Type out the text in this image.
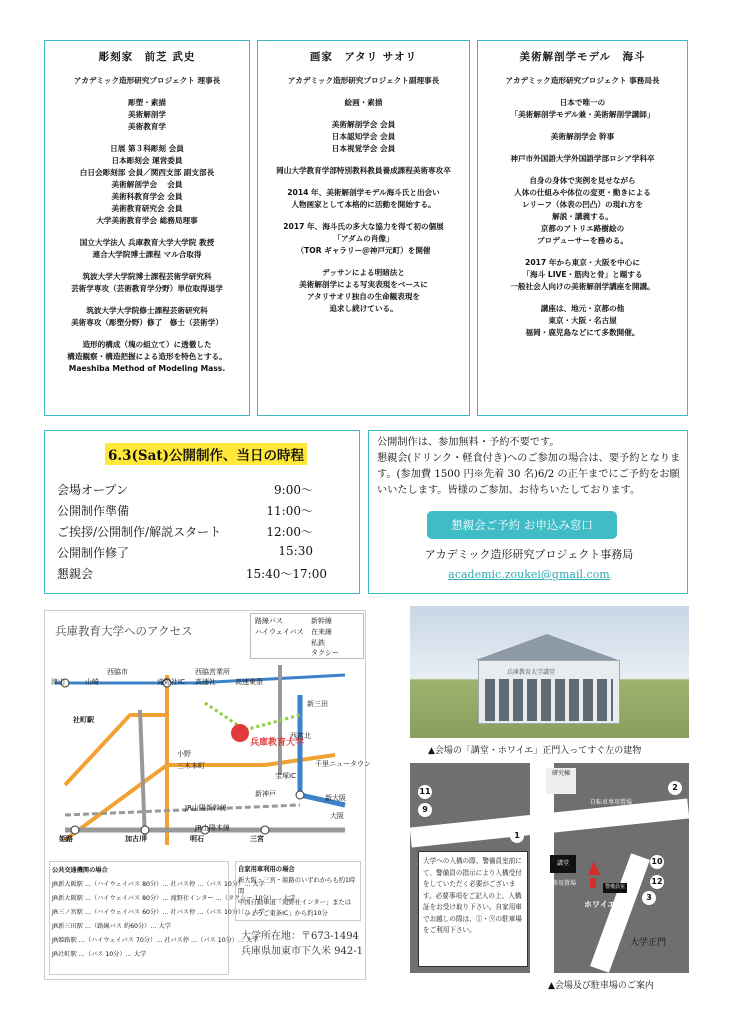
彫刻家　前芝 武史
アカデミック造形研究プロジェクト 理事長
彫塑・素描
美術解剖学
美術教育学
日展 第３科彫刻 会員
日本彫刻会 運営委員
白日会彫刻部 会員／関西支部 副支部長
美術解剖学会　 会員
美術科教育学会 会員
美術教育研究会 会員
大学美術教育学会 総務局理事
国立大学法人 兵庫教育大学大学院 教授
連合大学院博士課程 マル合取得
筑波大学大学院博士課程芸術学研究科
芸術学専攻（芸術教育学分野）単位取得退学
筑波大学大学院修士課程芸術研究科
美術専攻（彫塑分野）修了　修士（芸術学）
造形的構成（塊の組立て）に透徹した
構造観察・構造把握による造形を特色とする。
Maeshiba Method of Modeling Mass.
画家　アタリ サオリ
アカデミック造形研究プロジェクト副理事長
絵画・素描
美術解剖学会 会員
日本認知学会 会員
日本視覚学会 会員
岡山大学教育学部特別教科教員養成課程美術専攻卒
2014 年、美術解剖学モデル海斗氏と出会い
人物画家として本格的に活動を開始する。
2017 年、海斗氏の多大な協力を得て初の個展
「アダムの肖像」
（TOR ギャラリー＠神戸元町）を開催
デッサンによる明暗法と
美術解剖学による写実表現をベースに
アタリサオリ独自の生命観表現を
追求し続けている。
美術解剖学モデル　海斗
アカデミック造形研究プロジェクト 事務局長
日本で唯一の
「美術解剖学モデル兼・美術解剖学講師」
美術解剖学会 幹事
神戸市外国語大学外国語学部ロシア学科卒
自身の身体で実例を見せながら
人体の仕組みや体位の変更・動きによる
レリーフ（体表の凹凸）の現れ方を
解説・講義する。
京都のアトリエ路樹絵の
プロデューサーを務める。
2017 年から東京・大阪を中心に
「海斗 LIVE・筋肉と骨」と題する
一般社会人向けの美術解剖学講座を開講。
講座は、地元・京都の他
東京・大阪・名古屋
福岡・鹿児島などにて多数開催。
6.3(Sat)公開制作、当日の時程
会場オープン	9:00～
公開制作準備	11:00～
ご挨拶/公開制作/解説スタート	12:00～
公開制作修了	15:30
懇親会	15:40～17:00
公開制作は、参加無料・予約不要です。
懇親会(ドリンク・軽食付き)へのご参加の場合は、要予約となります。(参加費 1500 円※先着 30 名)6/2 の正午までにご予約をお願いいたします。皆様のご参加、お待ちいたしております。
懇親会ご予約 お申込み窓口
アカデミック造形研究プロジェクト事務局
academic.zoukei@gmail.com
兵庫教育大学へのアクセス
路線バス
ハイウェイバス
新幹線
在来線
私鉄
タクシー
兵庫教育大学
西脇市	西脇営業所
津山	山崎
中国池田
滝野社IC 高速社	高速東条
社町駅
西宮北
新三田
宝塚IC
千里ニュータウン
新神戸	新大阪
大阪
三宮
明石
加古川
姫路
小野
三木本町
JR山陽新幹線
JR山陽本線
公共交通機関の場合
JR新大阪駅 …（ハイウェイバス 80分）… 社バス停 …（バス 10分）… 大学
JR新大阪駅 …（ハイウェイバス 80分）… 滝野社インター …（タクシー 10分）… 大学
JR三ノ宮駅 …（ハイウェイバス 60分）… 社バス停 …（バス 10分）… 大学
JR新三田駅 …（路線バス 約60分）… 大学
JR姫路駅 …（ハイウェイバス 70分）… 社バス停 …（バス 10分）… 大学
JR社町駅 …（バス 10分）… 大学
自家用車利用の場合
新大阪・三宮・姫路のいずれからも約1時間
中国自動車道「滝野社インター」または「ひょうご東条IC」から約10分
大学所在地：〒673-1494
兵庫県加東市下久米 942-1
兵庫教育大学講堂
▲会場の「講堂・ホワイエ」正門入ってすぐ左の建物
研究棟
自転車専用置場
講堂
警備員室
単車専用置場
ホワイエ
大学正門
9
1
2
3
12
10
11
大学への入構の際、警備員室前にて、警備員の指示により入構受付をしていただく必要がございます。必要事項をご記入の上、入構証をお受け取り下さい。自家用車でお越しの際は、①・⑨の駐車場をご利用下さい。
▲会場及び駐車場のご案内
